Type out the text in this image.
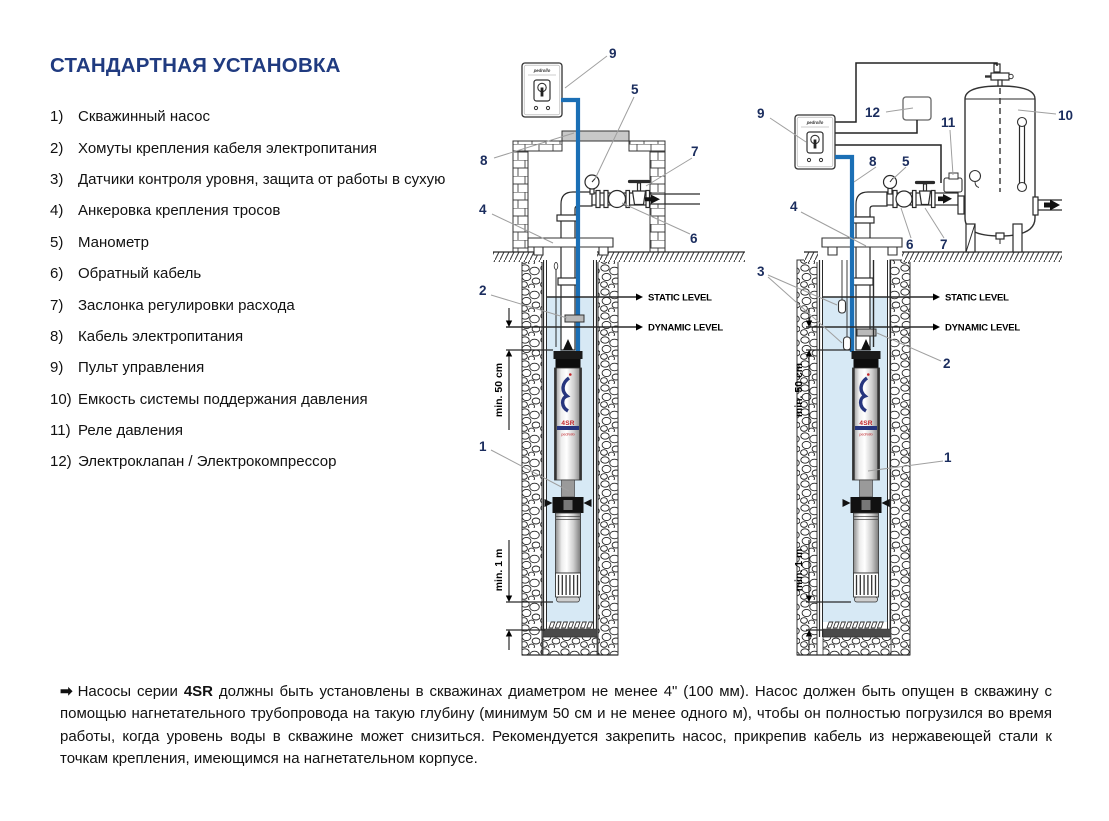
СТАНДАРТНАЯ УСТАНОВКА
1) Скважинный насос
2) Хомуты крепления кабеля электропитания
3) Датчики контроля уровня, защита от работы в сухую
4) Анкеровка крепления тросов
5) Манометр
6) Обратный кабель
7) Заслонка регулировки расхода
8) Кабель электропитания
9) Пульт управления
10) Емкость системы поддержания давления
11) Реле давления
12) Электроклапан / Электрокомпрессор
pedrollo
4SR
pedrollo
STATIC LEVEL
DYNAMIC LEVEL
min. 50 cm
min. 1 m
9
5
8
7
6
4
2
1
pedrollo
4SR
pedrollo
STATIC LEVEL
DYNAMIC LEVEL
min. 50 cm
min. 1 m
9	12
11	10
8 5
6 7
4
3
2
1
➡ Насосы серии 4SR должны быть установлены в скважинах диаметром не менее 4" (100 мм). Насос должен быть опущен в скважину с помощью нагнетательного трубопровода на такую глубину (минимум 50 см и не менее одного м), чтобы он полностью погрузился во время работы, когда уровень воды в скважине может снизиться. Рекомендуется закрепить насос, прикрепив кабель из нержавеющей стали к точкам крепления, имеющимся на нагнетательном корпусе.
